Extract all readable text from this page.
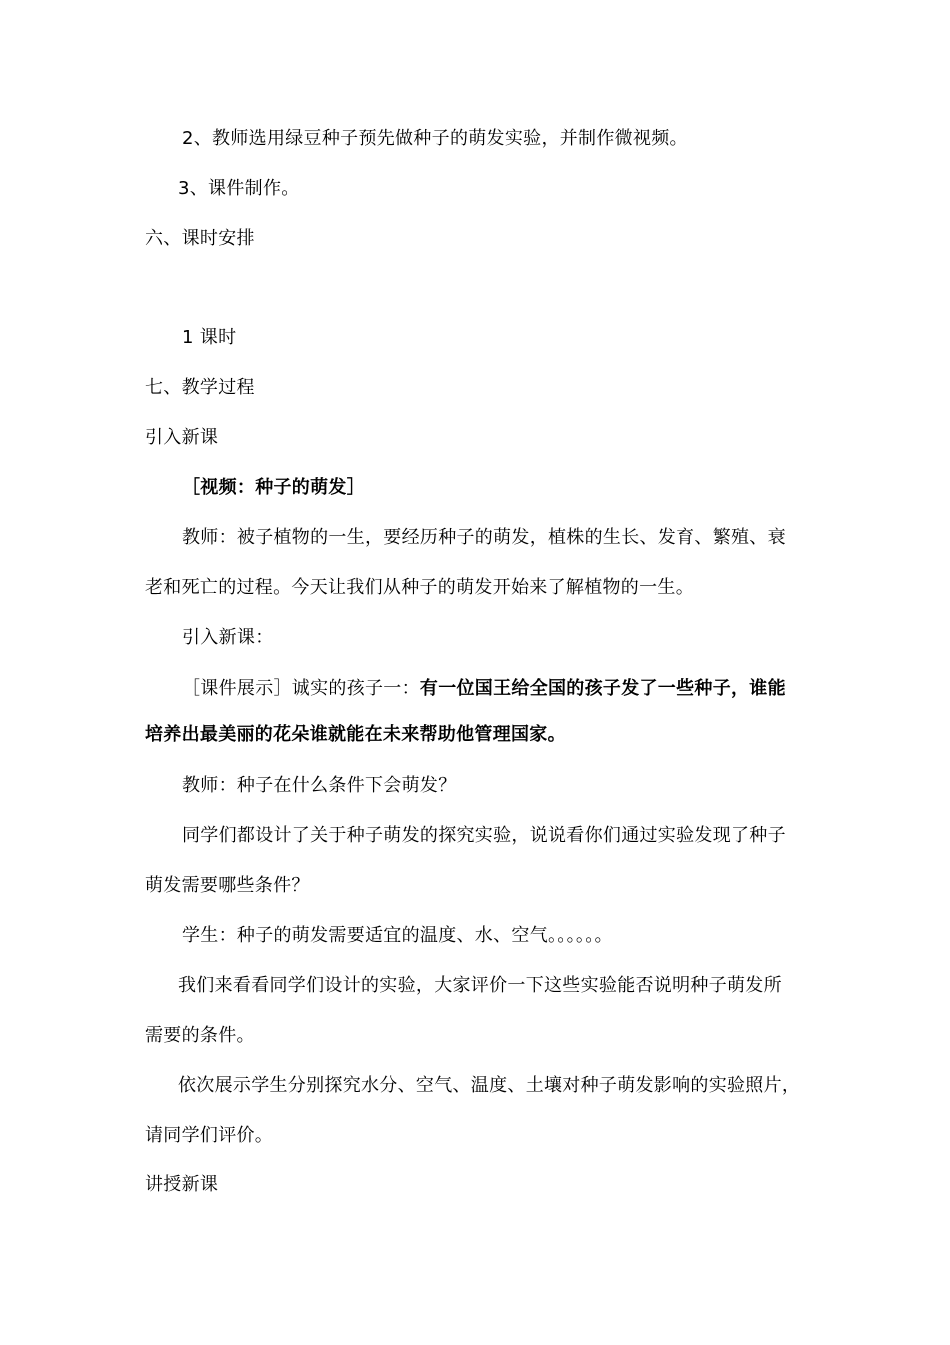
2、教师选用绿豆种子预先做种子的萌发实验，并制作微视频。
3、课件制作。
六、课时安排
1 课时
七、教学过程
引入新课
［视频：种子的萌发］
教师：被子植物的一生，要经历种子的萌发，植株的生长、发育、繁殖、衰
老和死亡的过程。今天让我们从种子的萌发开始来了解植物的一生。
引入新课：
［课件展示］诚实的孩子一：有一位国王给全国的孩子发了一些种子，谁能
培养出最美丽的花朵谁就能在未来帮助他管理国家。
教师：种子在什么条件下会萌发？
同学们都设计了关于种子萌发的探究实验，说说看你们通过实验发现了种子
萌发需要哪些条件？
学生：种子的萌发需要适宜的温度、水、空气。。。。。。
我们来看看同学们设计的实验，大家评价一下这些实验能否说明种子萌发所
需要的条件。
依次展示学生分别探究水分、空气、温度、土壤对种子萌发影响的实验照片，
请同学们评价。
讲授新课
